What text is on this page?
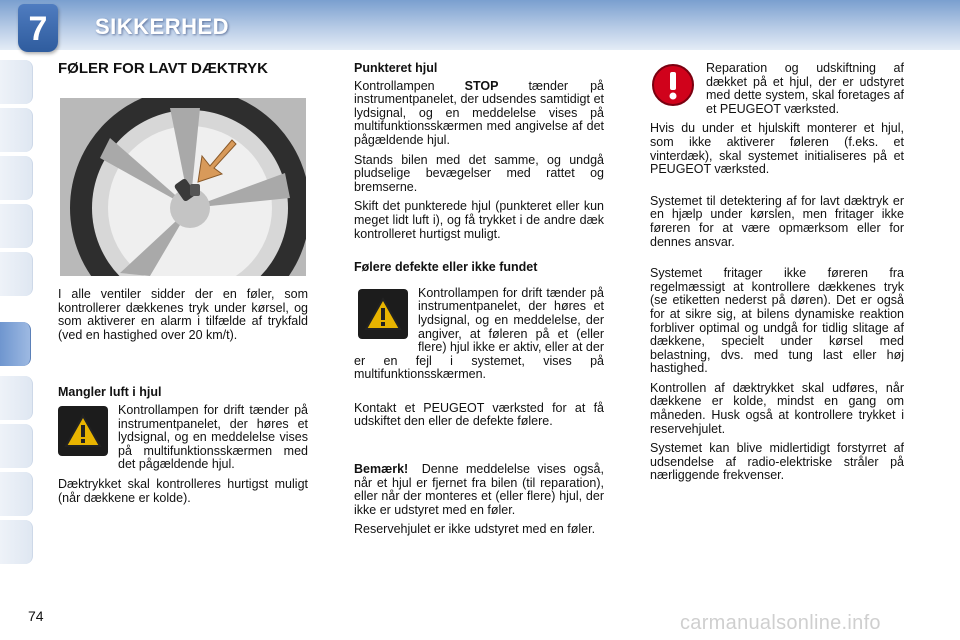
7	SIKKERHED
FØLER FOR LAVT DÆKTRYK

I alle ventiler sidder der en føler, som kontrollerer dækkenes tryk under kørsel, og som aktiverer en alarm i tilfælde af trykfald (ved en hastighed over 20 km/t).

Mangler luft i hjul

Kontrollampen for drift tænder på instrumentpanelet, der høres et lydsignal, og en meddelelse vises på multifunktionsskærmen med det pågældende hjul.

Dæktrykket skal kontrolleres hurtigst muligt (når dækkene er kolde).

Punkteret hjul

Kontrollampen STOP tænder på instrumentpanelet, der udsendes samtidigt et lydsignal, og en meddelelse vises på multifunktionsskærmen med angivelse af det pågældende hjul.

Stands bilen med det samme, og undgå pludselige bevægelser med rattet og bremserne.

Skift det punkterede hjul (punkteret eller kun meget lidt luft i), og få trykket i de andre dæk kontrolleret hurtigst muligt.

Følere defekte eller ikke fundet

Kontrollampen for drift tænder på instrumentpanelet, der høres et lydsignal, og en meddelelse, der angiver, at føleren på et (eller flere) hjul ikke er aktiv, eller at der er en fejl i systemet, vises på multifunktionsskærmen.

Kontakt et PEUGEOT værksted for at få udskiftet den eller de defekte følere.

Bemærk! Denne meddelelse vises også, når et hjul er fjernet fra bilen (til reparation), eller når der monteres et (eller flere) hjul, der ikke er udstyret med en føler.

Reservehjulet er ikke udstyret med en føler.

Reparation og udskiftning af dækket på et hjul, der er udstyret med dette system, skal foretages af et PEUGEOT værksted.

Hvis du under et hjulskift monterer et hjul, som ikke aktiverer føleren (f.eks. et vinterdæk), skal systemet initialiseres på et PEUGEOT værksted.

Systemet til detektering af for lavt dæktryk er en hjælp under kørslen, men fritager ikke føreren for at være opmærksom eller for dennes ansvar.

Systemet fritager ikke føreren fra regelmæssigt at kontrollere dækkenes tryk (se etiketten nederst på døren). Det er også for at sikre sig, at bilens dynamiske reaktion forbliver optimal og undgå for tidlig slitage af dækkene, specielt under kørsel med belastning, dvs. med tung last eller høj hastighed.

Kontrollen af dæktrykket skal udføres, når dækkene er kolde, mindst en gang om måneden. Husk også at kontrollere trykket i reservehjulet.

Systemet kan blive midlertidigt forstyrret af udsendelse af radio-elektriske stråler på nærliggende frekvenser.

74	carmanualsonline.info
